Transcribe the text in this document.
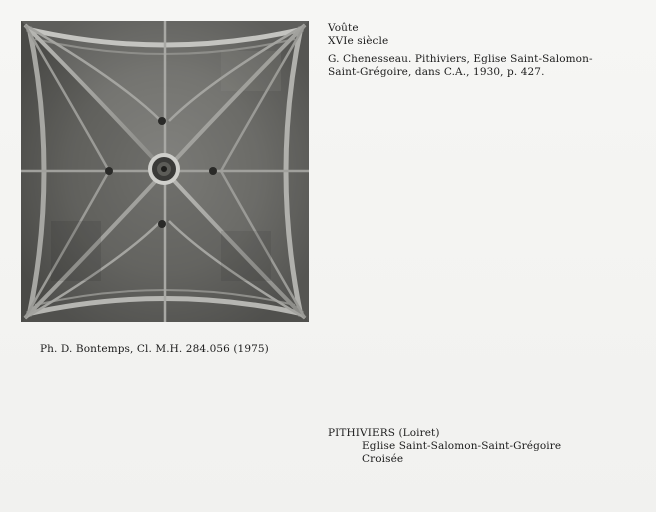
Voûte
XVIe siècle
G. Chenesseau. Pithiviers, Eglise Saint-Salomon-
Saint-Grégoire, dans C.A., 1930, p. 427.
Ph. D. Bontemps, Cl. M.H. 284.056 (1975)
PITHIVIERS (Loiret)
Eglise Saint-Salomon-Saint-Grégoire
Croisée
